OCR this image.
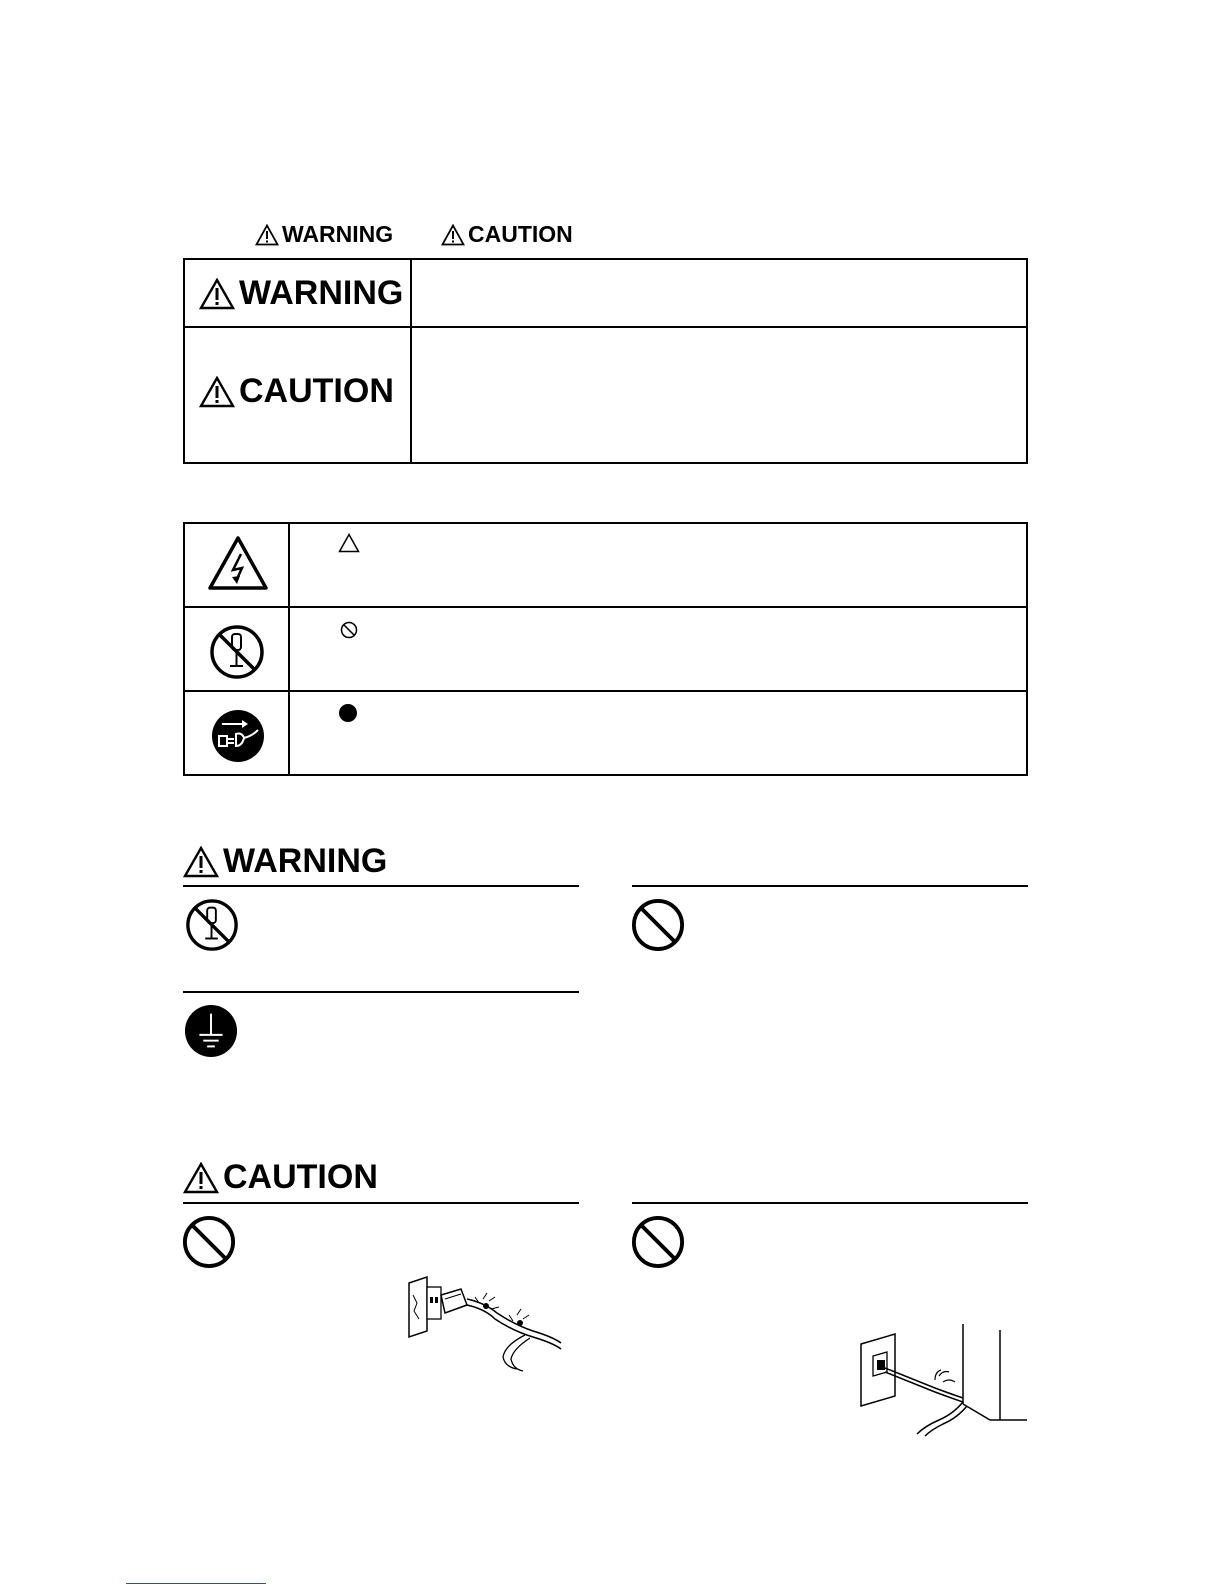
WARNING	CAUTION
WARNING
CAUTION
WARNING
CAUTION
